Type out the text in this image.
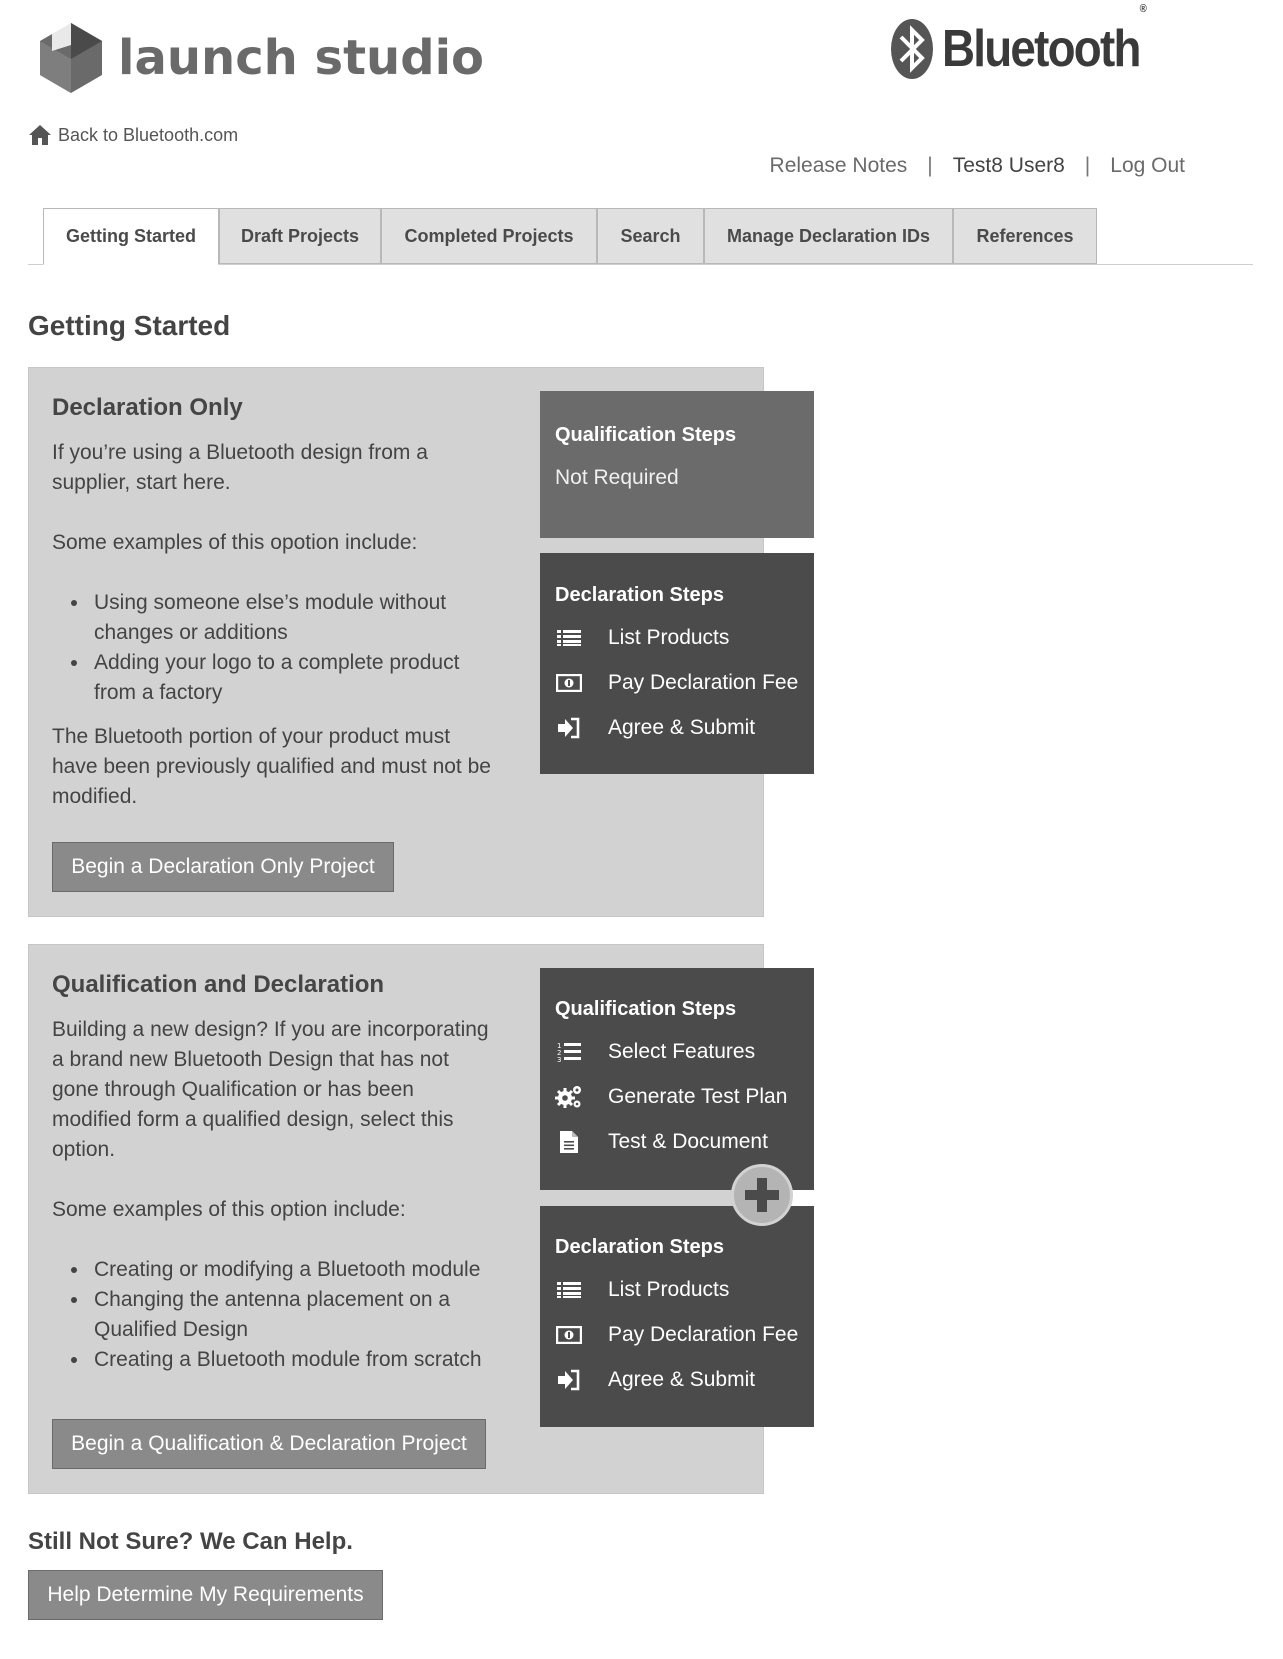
launch studio	Bluetooth®
Back to Bluetooth.com
Release Notes | Test8 User8 | Log Out
Getting Started	Draft Projects	Completed Projects	Search	Manage Declaration IDs	References
Getting Started
Declaration Only

If you’re using a Bluetooth design from a supplier, start here.

Some examples of this opotion include:

• Using someone else’s module without changes or additions
• Adding your logo to a complete product from a factory

The Bluetooth portion of your product must have been previously qualified and must not be modified.

Begin a Declaration Only Project
Qualification Steps
Not Required
Declaration Steps
List Products
Pay Declaration Fee
Agree & Submit
Qualification and Declaration

Building a new design? If you are incorporating a brand new Bluetooth Design that has not gone through Qualification or has been modified form a qualified design, select this option.

Some examples of this option include:

• Creating or modifying a Bluetooth module
• Changing the antenna placement on a Qualified Design
• Creating a Bluetooth module from scratch
Begin a Qualification & Declaration Project
Qualification Steps
1
2
3 Select Features
Generate Test Plan
Test & Document
Declaration Steps
List Products
Pay Declaration Fee
Agree & Submit
Still Not Sure? We Can Help.
Help Determine My Requirements
